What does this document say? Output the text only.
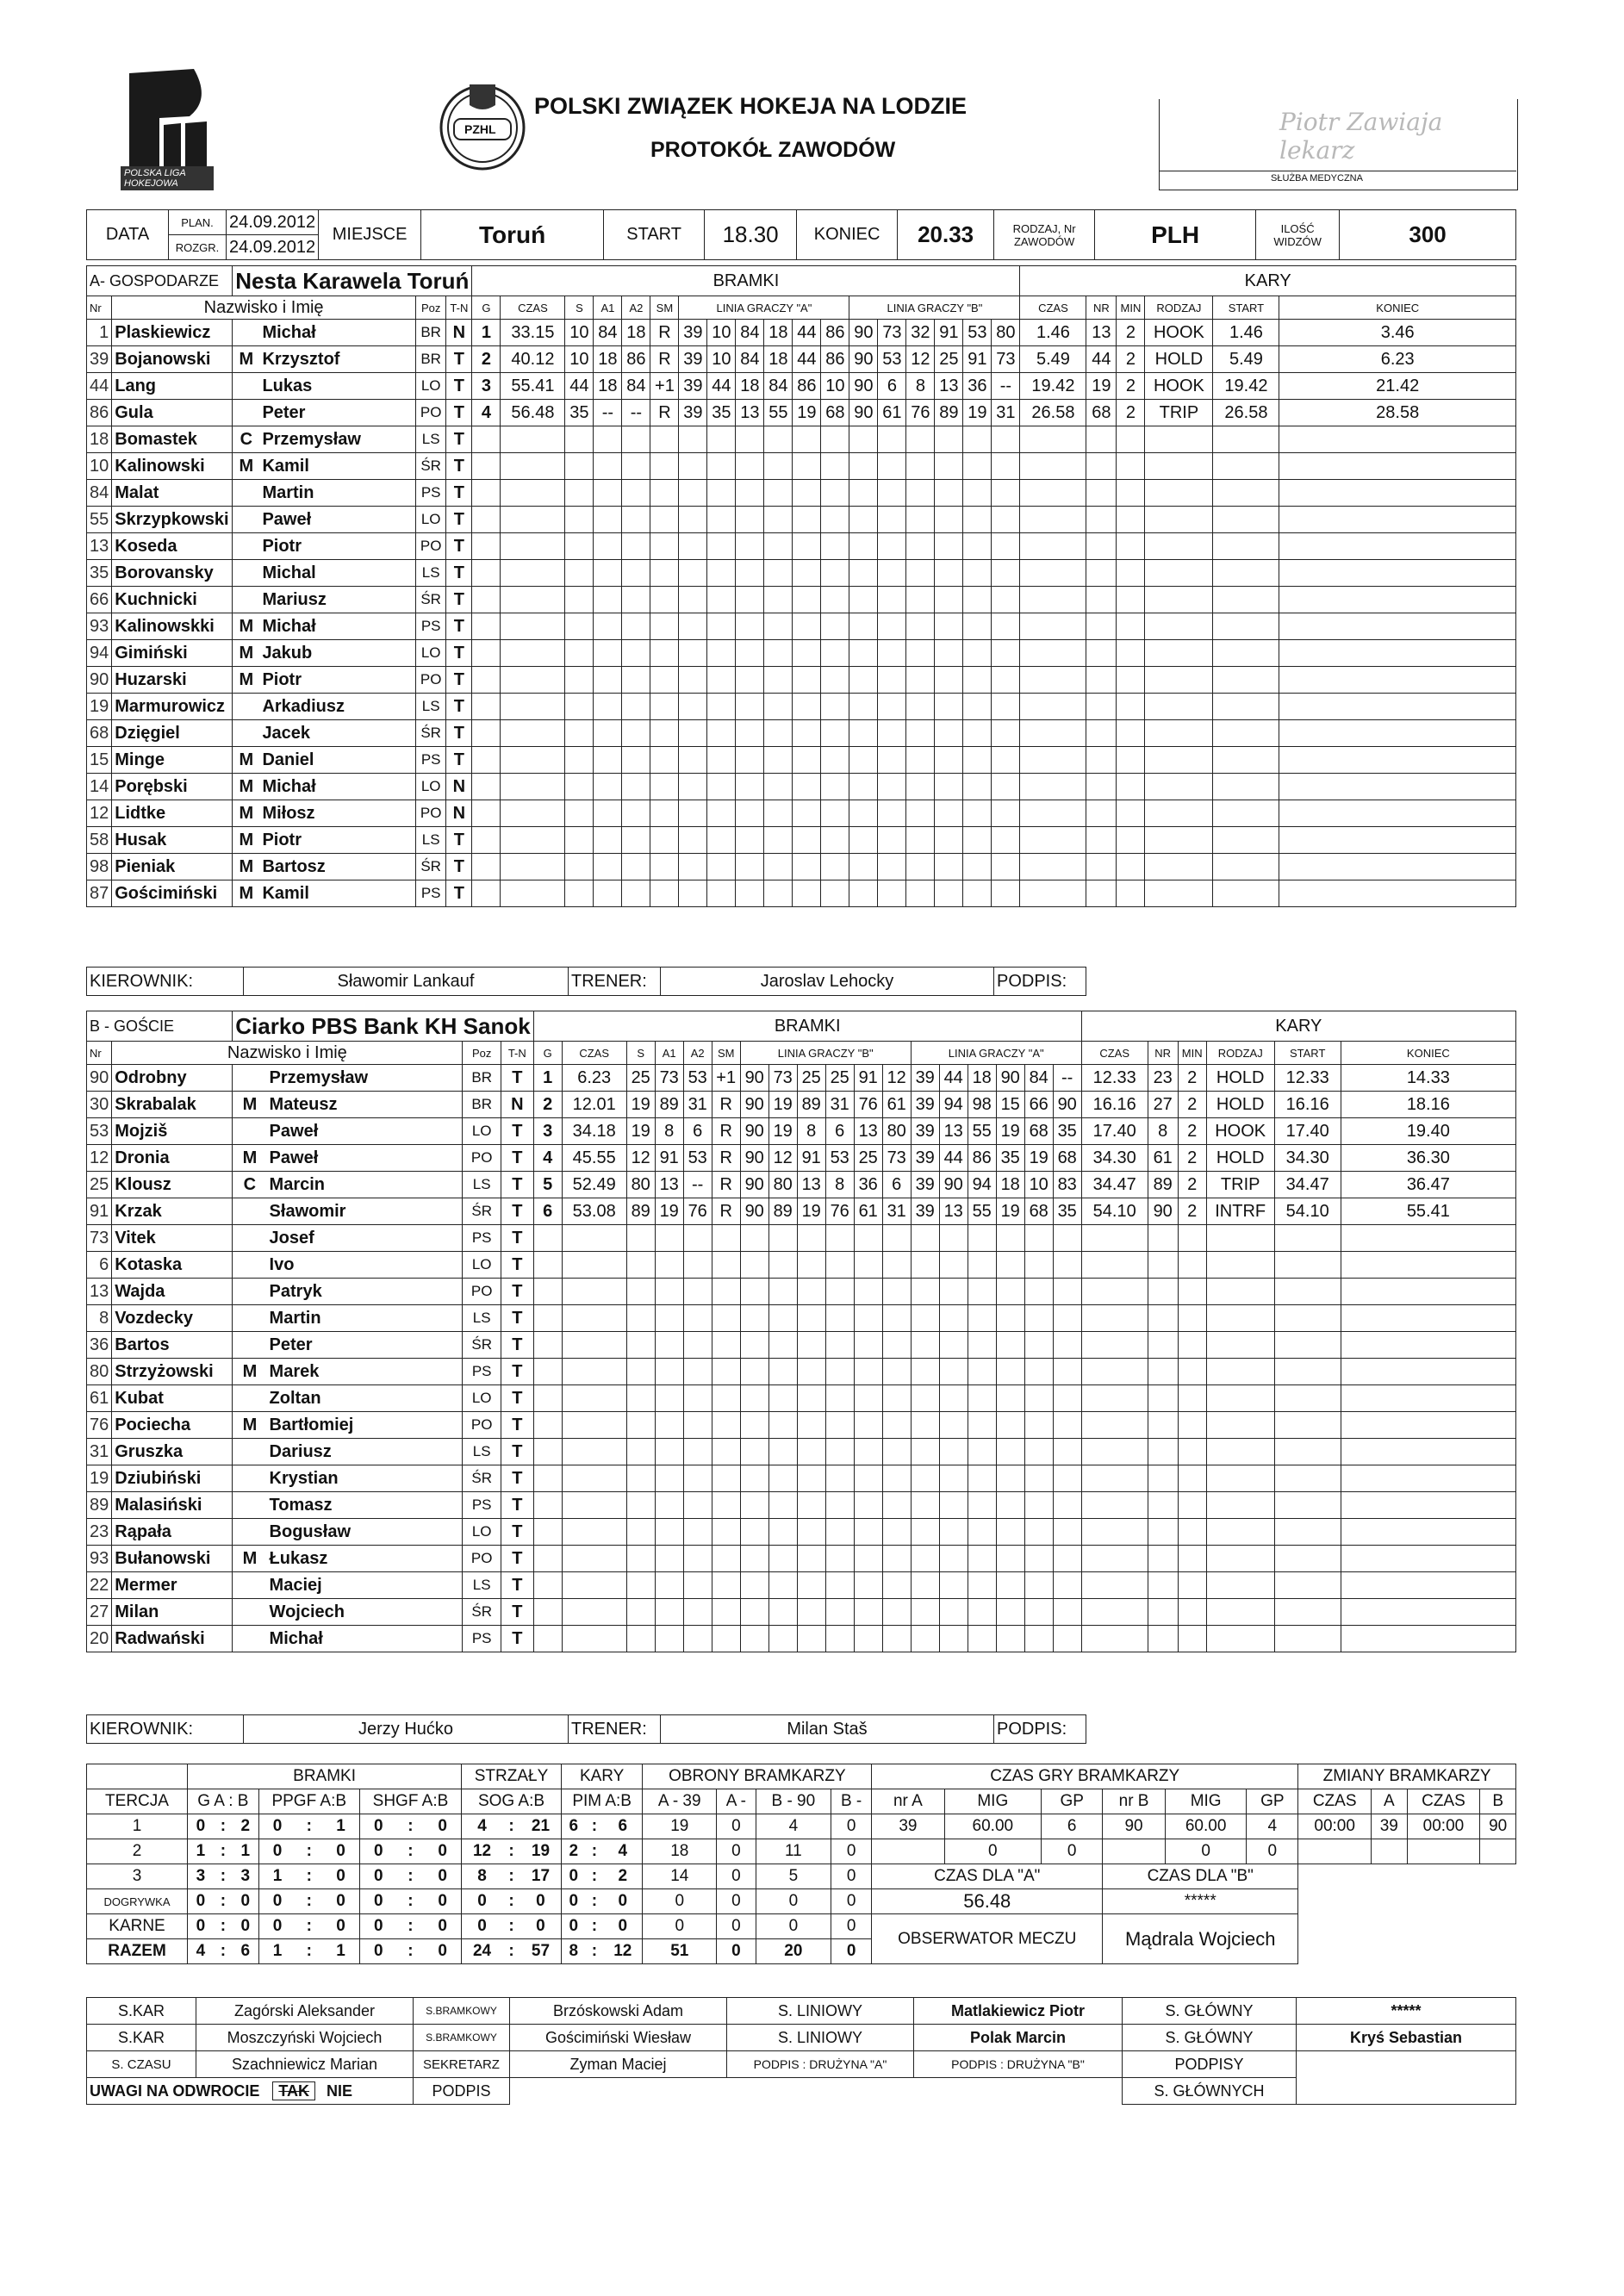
POLSKA LIGA HOKEJOWA
PZHL
POLSKI ZWIĄZEK HOKEJA NA LODZIE
PROTOKÓŁ ZAWODÓW
Piotr Zawiaja lekarz
SŁUŻBA MEDYCZNA
DATA	PLAN.	24.09.2012	MIEJSCE	Toruń	START	18.30	KONIEC	20.33	RODZAJ, Nr ZAWODÓW	PLH	ILOŚĆ WIDZÓW	300
	ROZGR.	24.09.2012										
A- GOSPODARZE		Nesta Karawela Toruń				BRAMKI																		KARY					
Nr	Nazwisko i Imię			Poz	T-N	G	CZAS	S	A1	A2	SM	LINIA GRACZY "A"						LINIA GRACZY "B"						CZAS	NR	MIN	RODZAJ	START	KONIEC
1	Plaskiewicz		Michał	BR	N	1	33.15	10	84	18	R	39	10	84	18	44	86	90	73	32	91	53	80	1.46	13	2	HOOK	1.46	3.46
39	Bojanowski	M	Krzysztof	BR	T	2	40.12	10	18	86	R	39	10	84	18	44	86	90	53	12	25	91	73	5.49	44	2	HOLD	5.49	6.23
44	Lang		Lukas	LO	T	3	55.41	44	18	84	+1	39	44	18	84	86	10	90	6	8	13	36	--	19.42	19	2	HOOK	19.42	21.42
86	Gula		Peter	PO	T	4	56.48	35	--	--	R	39	35	13	55	19	68	90	61	76	89	19	31	26.58	68	2	TRIP	26.58	28.58
18	Bomastek	C	Przemysław	LS	T																								
10	Kalinowski	M	Kamil	ŚR	T																								
84	Malat		Martin	PS	T																								
55	Skrzypkowski		Paweł	LO	T																								
13	Koseda		Piotr	PO	T																								
35	Borovansky		Michal	LS	T																								
66	Kuchnicki		Mariusz	ŚR	T																								
93	Kalinowskki	M	Michał	PS	T																								
94	Gimiński	M	Jakub	LO	T																								
90	Huzarski	M	Piotr	PO	T																								
19	Marmurowicz		Arkadiusz	LS	T																								
68	Dzięgiel		Jacek	ŚR	T																								
15	Minge	M	Daniel	PS	T																								
14	Porębski	M	Michał	LO	N																								
12	Lidtke	M	Miłosz	PO	N																								
58	Husak	M	Piotr	LS	T																								
98	Pieniak	M	Bartosz	ŚR	T																								
87	Gościmiński	M	Kamil	PS	T																								
KIEROWNIK:	Sławomir Lankauf	TRENER:	Jaroslav Lehocky	PODPIS:	
B - GOŚCIE		Ciarko PBS Bank KH Sanok				BRAMKI																		KARY					
Nr	Nazwisko i Imię			Poz	T-N	G	CZAS	S	A1	A2	SM	LINIA GRACZY "B"						LINIA GRACZY "A"						CZAS	NR	MIN	RODZAJ	START	KONIEC
90	Odrobny		Przemysław	BR	T	1	6.23	25	73	53	+1	90	73	25	25	91	12	39	44	18	90	84	--	12.33	23	2	HOLD	12.33	14.33
30	Skrabalak	M	Mateusz	BR	N	2	12.01	19	89	31	R	90	19	89	31	76	61	39	94	98	15	66	90	16.16	27	2	HOLD	16.16	18.16
53	Mojziš		Paweł	LO	T	3	34.18	19	8	6	R	90	19	8	6	13	80	39	13	55	19	68	35	17.40	8	2	HOOK	17.40	19.40
12	Dronia	M	Paweł	PO	T	4	45.55	12	91	53	R	90	12	91	53	25	73	39	44	86	35	19	68	34.30	61	2	HOLD	34.30	36.30
25	Klousz	C	Marcin	LS	T	5	52.49	80	13	--	R	90	80	13	8	36	6	39	90	94	18	10	83	34.47	89	2	TRIP	34.47	36.47
91	Krzak		Sławomir	ŚR	T	6	53.08	89	19	76	R	90	89	19	76	61	31	39	13	55	19	68	35	54.10	90	2	INTRF	54.10	55.41
73	Vitek		Josef	PS	T																								
6	Kotaska		Ivo	LO	T																								
13	Wajda		Patryk	PO	T																								
8	Vozdecky		Martin	LS	T																								
36	Bartos		Peter	ŚR	T																								
80	Strzyżowski	M	Marek	PS	T																								
61	Kubat		Zoltan	LO	T																								
76	Pociecha	M	Bartłomiej	PO	T																								
31	Gruszka		Dariusz	LS	T																								
19	Dziubiński		Krystian	ŚR	T																								
89	Malasiński		Tomasz	PS	T																								
23	Rąpała		Bogusław	LO	T																								
93	Bułanowski	M	Łukasz	PO	T																								
22	Mermer		Maciej	LS	T																								
27	Milan		Wojciech	ŚR	T																								
20	Radwański		Michał	PS	T																								
KIEROWNIK:	Jerzy Hućko	TRENER:	Milan Staš	PODPIS:	
	BRAMKI									STRZAŁY			KARY			OBRONY BRAMKARZY				CZAS GRY BRAMKARZY						ZMIANY BRAMKARZY			
TERCJA	G A : B			PPGF A:B			SHGF A:B			SOG A:B			PIM A:B			A - 39	A -	B - 90	B -	nr A	MIG	GP	nr B	MIG	GP	CZAS	A	CZAS	B
1	0	:	2	0	:	1	0	:	0	4	:	21	6	:	6	19	0	4	0	39	60.00	6	90	60.00	4	00:00	39	00:00	90
2	1	:	1	0	:	0	0	:	0	12	:	19	2	:	4	18	0	11	0		0	0		0	0				
3	3	:	3	1	:	0	0	:	0	8	:	17	0	:	2	14	0	5	0	CZAS DLA "A"			CZAS DLA "B"						
DOGRYWKA	0	:	0	0	:	0	0	:	0	0	:	0	0	:	0	0	0	0	0	56.48			*****						
KARNE	0	:	0	0	:	0	0	:	0	0	:	0	0	:	0	0	0	0	0	OBSERWATOR MECZU			Mądrala Wojciech						
RAZEM	4	:	6	1	:	1	0	:	0	24	:	57	8	:	12	51	0	20	0										
S.KAR	Zagórski Aleksander	S.BRAMKOWY	Brzóskowski Adam	S. LINIOWY	Matlakiewicz Piotr	S. GŁÓWNY	*****
S.KAR	Moszczyński Wojciech	S.BRAMKOWY	Gościmiński Wiesław	S. LINIOWY	Polak Marcin	S. GŁÓWNY	Kryś Sebastian
S. CZASU	Szachniewicz Marian	SEKRETARZ	Zyman Maciej	PODPIS : DRUŻYNA "A"	PODPIS : DRUŻYNA "B"	PODPISY	
UWAGI NA ODWROCIE TAK NIE		PODPIS				S. GŁÓWNYCH	
